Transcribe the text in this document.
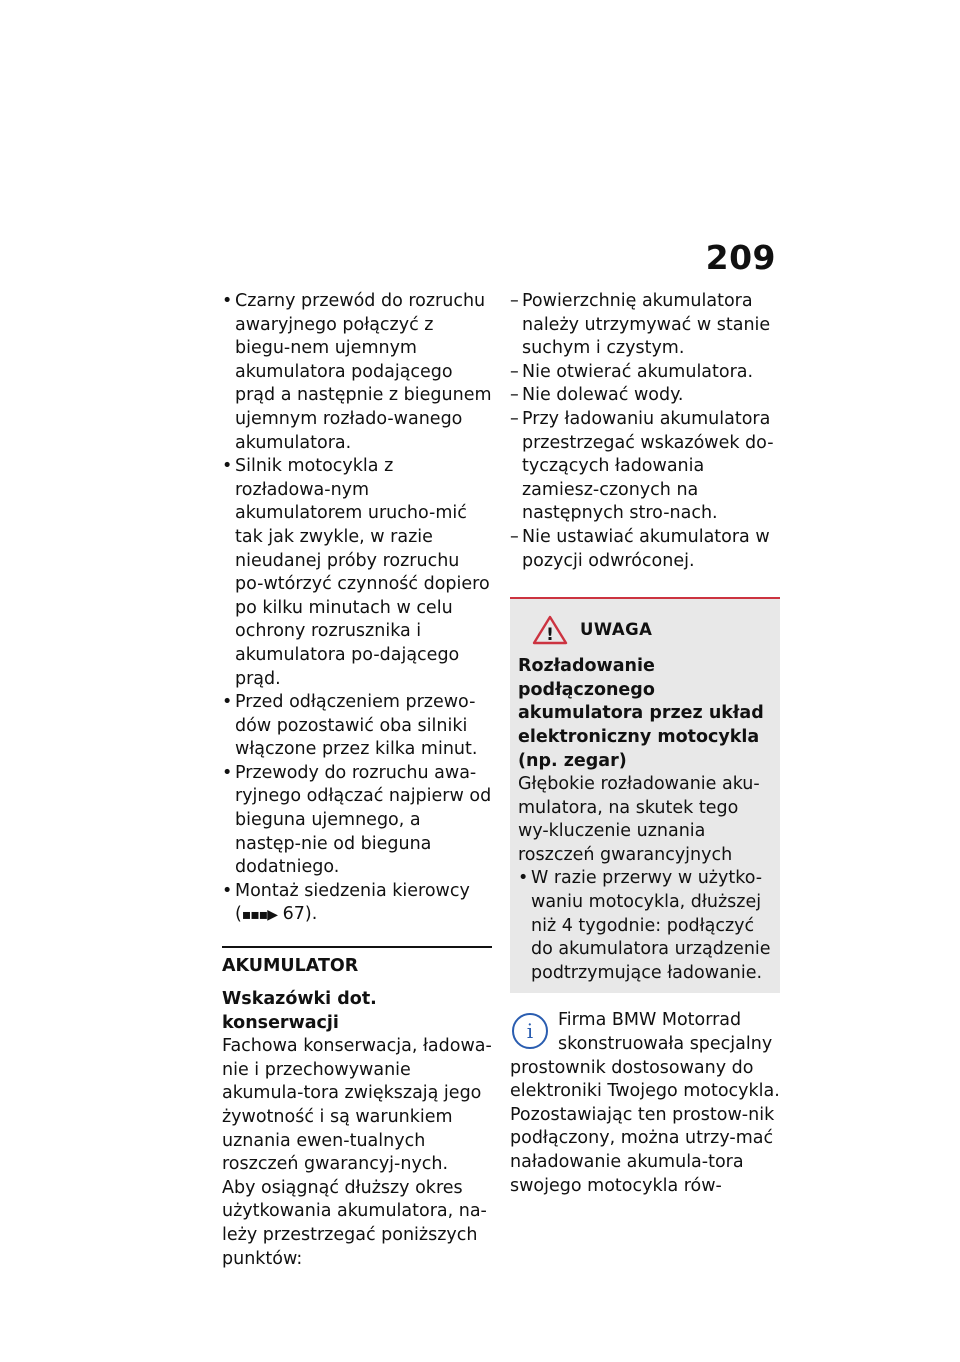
209
• Czarny przewód do rozruchu awaryjnego połączyć z biegu-nem ujemnym akumulatora podającego prąd a następnie z biegunem ujemnym rozłado-wanego akumulatora.
• Silnik motocykla z rozładowa-nym akumulatorem urucho-mić tak jak zwykle, w razie nieudanej próby rozruchu po-wtórzyć czynność dopiero po kilku minutach w celu ochrony rozrusznika i akumulatora po-dającego prąd.
• Przed odłączeniem przewo-dów pozostawić oba silniki włączone przez kilka minut.
• Przewody do rozruchu awa-ryjnego odłączać najpierw od bieguna ujemnego, a następ-nie od bieguna dodatniego.
• Montaż siedzenia kierowcy
(▪▪▪▶ 67).
AKUMULATOR
Wskazówki dot. konserwacji
Fachowa konserwacja, ładowa-nie i przechowywanie akumula-tora zwiększają jego żywotność i są warunkiem uznania ewen-tualnych roszczeń gwarancyj-nych.
Aby osiągnąć dłuższy okres użytkowania akumulatora, na-leży przestrzegać poniższych punktów:
– Powierzchnię akumulatora należy utrzymywać w stanie suchym i czystym.
– Nie otwierać akumulatora.
– Nie dolewać wody.
– Przy ładowaniu akumulatora przestrzegać wskazówek do-tyczących ładowania zamiesz-czonych na następnych stro-nach.
– Nie ustawiać akumulatora w pozycji odwróconej.
! UWAGA
Rozładowanie podłączonego akumulatora przez układ elektroniczny motocykla (np. zegar)
Głębokie rozładowanie aku-mulatora, na skutek tego wy-kluczenie uznania roszczeń gwarancyjnych
• W razie przerwy w użytko-waniu motocykla, dłuższej niż 4 tygodnie: podłączyć do akumulatora urządzenie podtrzymujące ładowanie.
i Firma BMW Motorrad skonstruowała specjalny prostownik dostosowany do elektroniki Twojego motocykla. Pozostawiając ten prostow-nik podłączony, można utrzy-mać naładowanie akumula-tora swojego motocykla rów-
